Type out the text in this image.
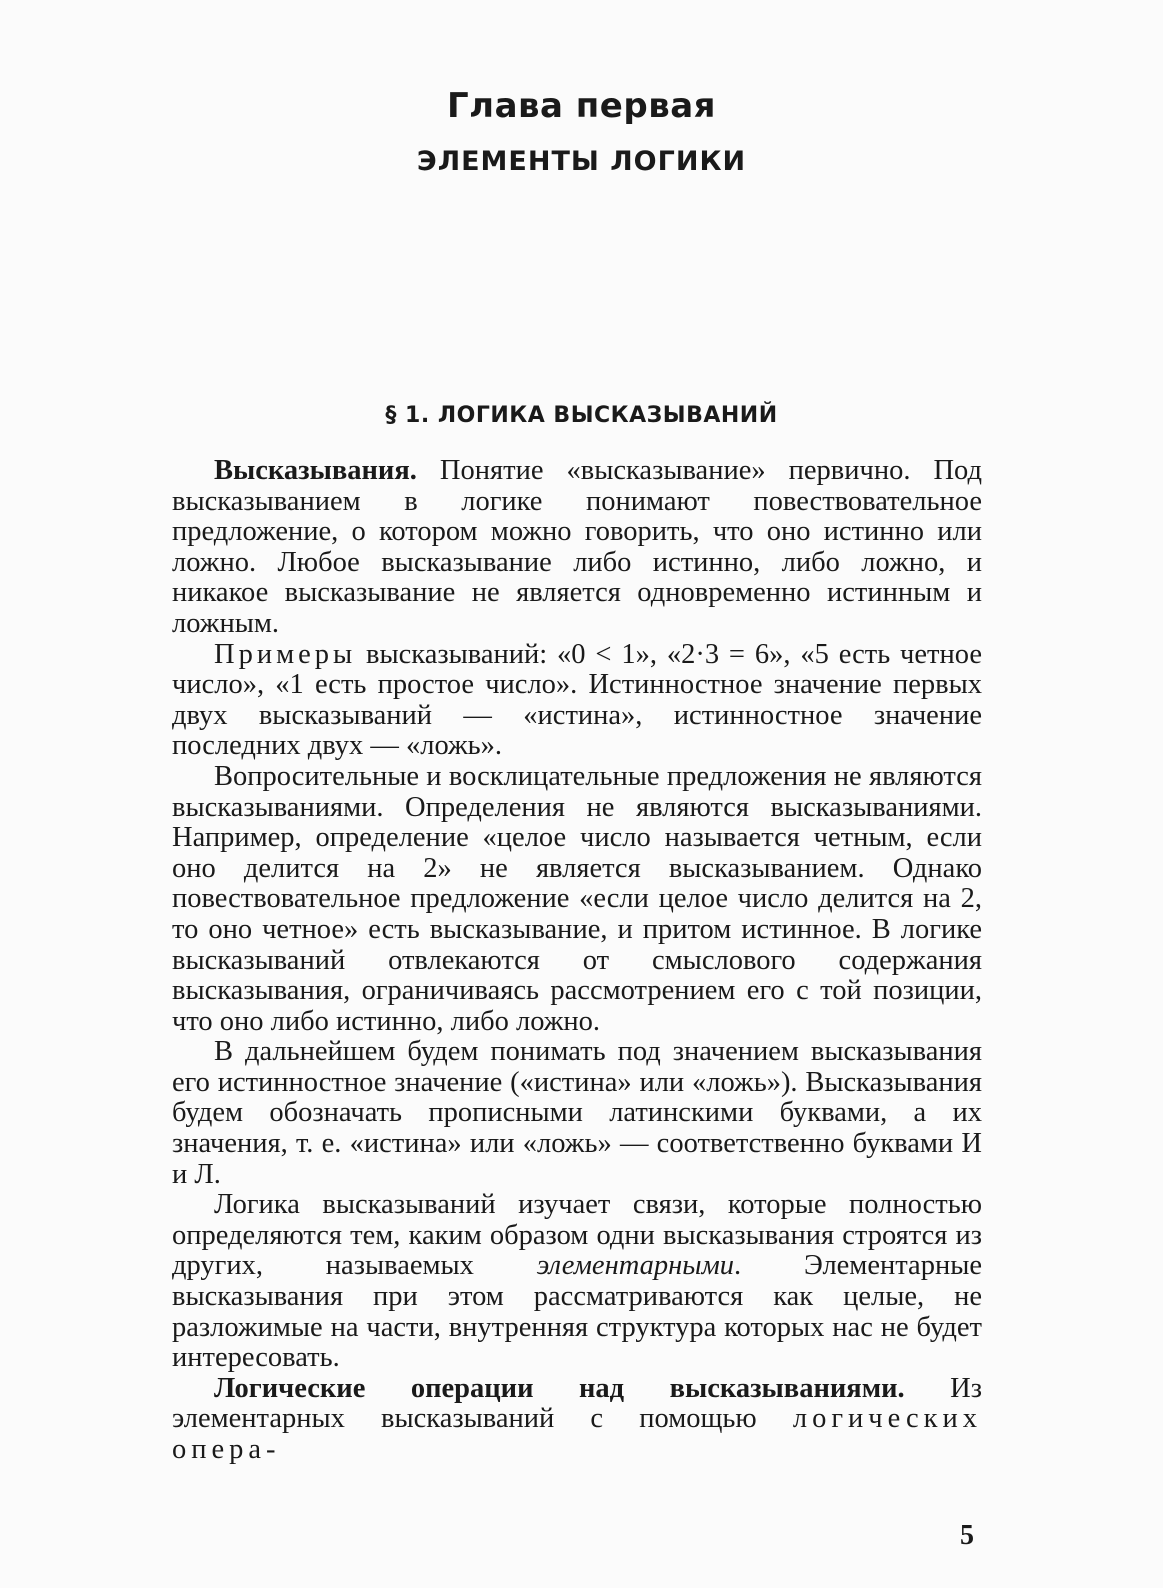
Глава первая
ЭЛЕМЕНТЫ ЛОГИКИ
§ 1. ЛОГИКА ВЫСКАЗЫВАНИЙ

Высказывания. Понятие «высказывание» первично. Под высказыванием в логике понимают повествовательное предложение, о котором можно говорить, что оно истинно или ложно. Любое высказывание либо истинно, либо ложно, и никакое высказывание не является одновременно истинным и ложным.

Примеры высказываний: «0 < 1», «2·3 = 6», «5 есть четное число», «1 есть простое число». Истинностное значение первых двух высказываний — «истина», истинностное значение последних двух — «ложь».

Вопросительные и восклицательные предложения не являются высказываниями. Определения не являются высказываниями. Например, определение «целое число называется четным, если оно делится на 2» не является высказыванием. Однако повествовательное предложение «если целое число делится на 2, то оно четное» есть высказывание, и притом истинное. В логике высказываний отвлекаются от смыслового содержания высказывания, ограничиваясь рассмотрением его с той позиции, что оно либо истинно, либо ложно.

В дальнейшем будем понимать под значением высказывания его истинностное значение («истина» или «ложь»). Высказывания будем обозначать прописными латинскими буквами, а их значения, т. е. «истина» или «ложь» — соответственно буквами И и Л.

Логика высказываний изучает связи, которые полностью определяются тем, каким образом одни высказывания строятся из других, называемых элементарными. Элементарные высказывания при этом рассматриваются как целые, не разложимые на части, внутренняя структура которых нас не будет интересовать.

Логические операции над высказываниями. Из элементарных высказываний с помощью логических опера-

5
